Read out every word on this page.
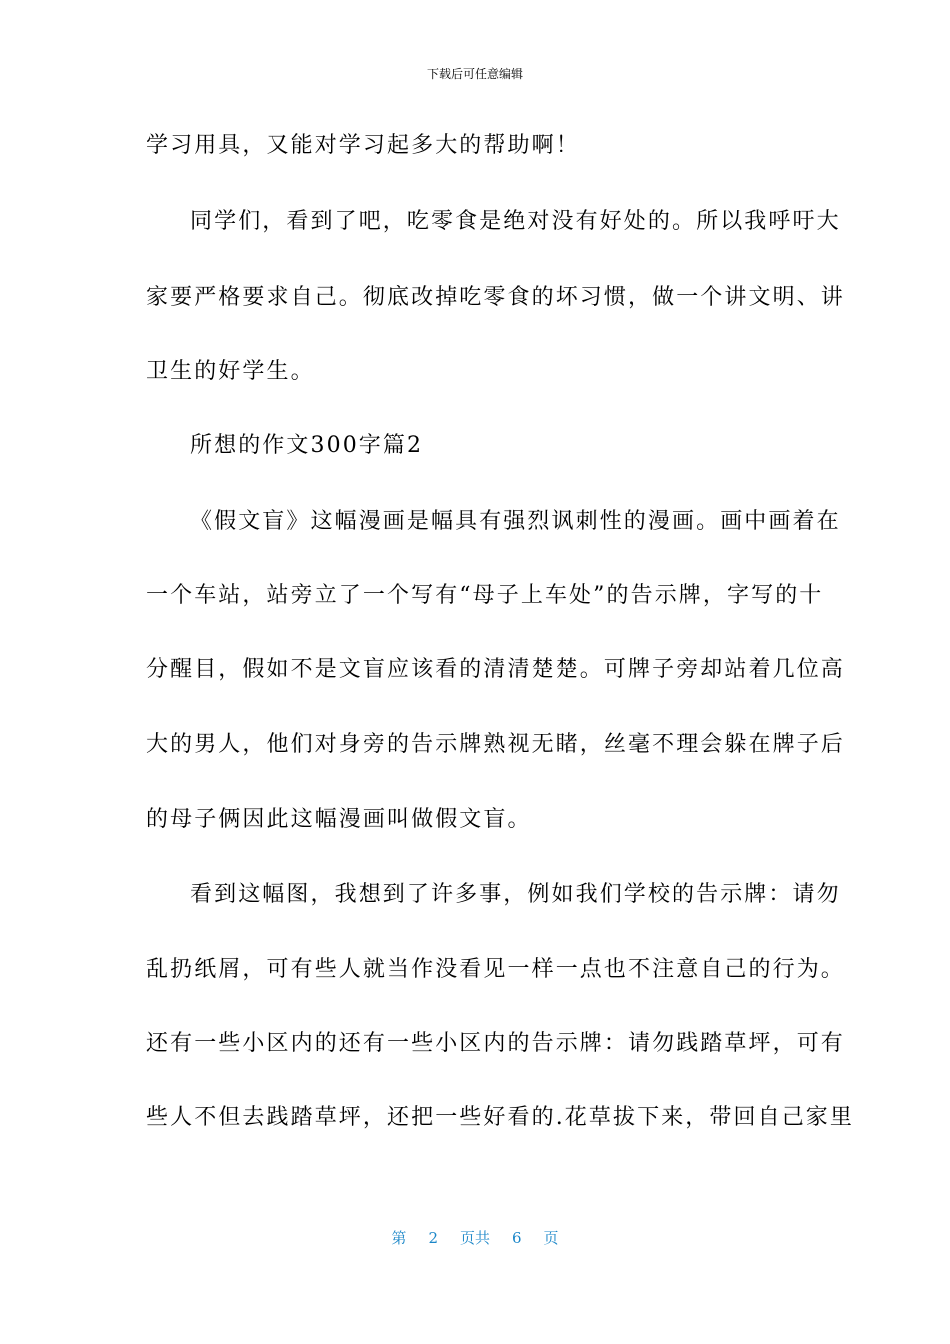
下载后可任意编辑
学习用具，又能对学习起多大的帮助啊！
同学们，看到了吧，吃零食是绝对没有好处的。所以我呼吁大
家要严格要求自己。彻底改掉吃零食的坏习惯，做一个讲文明、讲
卫生的好学生。
所想的作文300字篇2
《假文盲》这幅漫画是幅具有强烈讽刺性的漫画。画中画着在
一个车站，站旁立了一个写有“母子上车处”的告示牌，字写的十
分醒目，假如不是文盲应该看的清清楚楚。可牌子旁却站着几位高
大的男人，他们对身旁的告示牌熟视无睹，丝毫不理会躲在牌子后
的母子俩因此这幅漫画叫做假文盲。
看到这幅图，我想到了许多事，例如我们学校的告示牌：请勿
乱扔纸屑，可有些人就当作没看见一样一点也不注意自己的行为。
还有一些小区内的还有一些小区内的告示牌：请勿践踏草坪，可有
些人不但去践踏草坪，还把一些好看的.花草拔下来，带回自己家里
第 2 页共 6 页
